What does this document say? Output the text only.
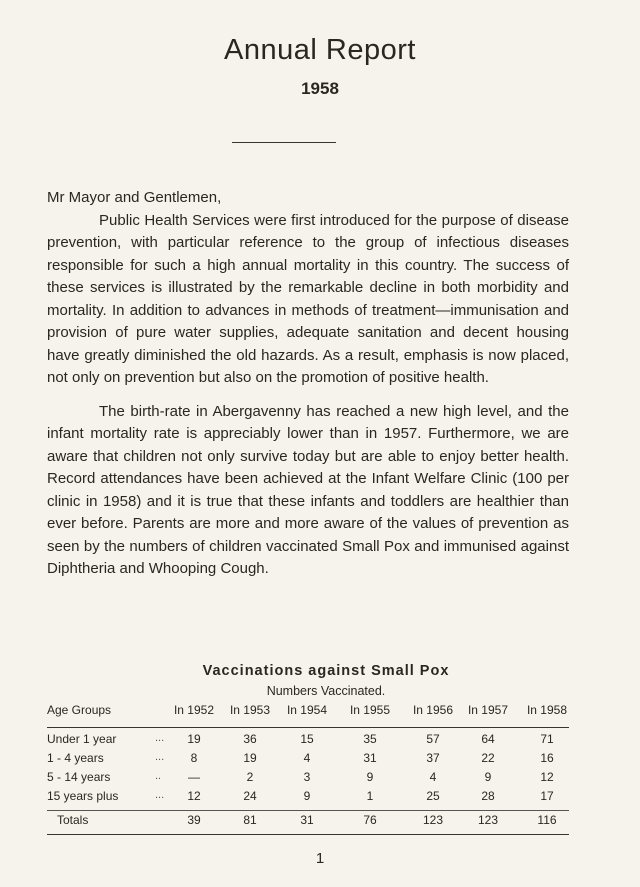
Annual Report
1958

Mr Mayor and Gentlemen,

Public Health Services were first introduced for the purpose of disease prevention, with particular reference to the group of infectious diseases responsible for such a high annual mortality in this country. The success of these services is illustrated by the remarkable decline in both morbidity and mortality. In addition to advances in methods of treatment—immunisation and provision of pure water supplies, adequate sanitation and decent housing have greatly diminished the old hazards. As a result, emphasis is now placed, not only on prevention but also on the promotion of positive health.

The birth-rate in Abergavenny has reached a new high level, and the infant mortality rate is appreciably lower than in 1957. Furthermore, we are aware that children not only survive today but are able to enjoy better health. Record attendances have been achieved at the Infant Welfare Clinic (100 per clinic in 1958) and it is true that these infants and toddlers are healthier than ever before. Parents are more and more aware of the values of prevention as seen by the numbers of children vaccinated Small Pox and immunised against Diphtheria and Whooping Cough.

Vaccinations against Small Pox
Numbers Vaccinated.
Age Groups	In 1952	In 1953	In 1954	In 1955	In 1956	In 1957	In 1958
Under 1 year	...	19	36	15	35	57	64	71
1 - 4 years	...	8	19	4	31	37	22	16
5 - 14 years	..	—	2	3	9	4	9	12
15 years plus	...	12	24	9	1	25	28	17
Totals	39	81	31	76	123	123	116
1
